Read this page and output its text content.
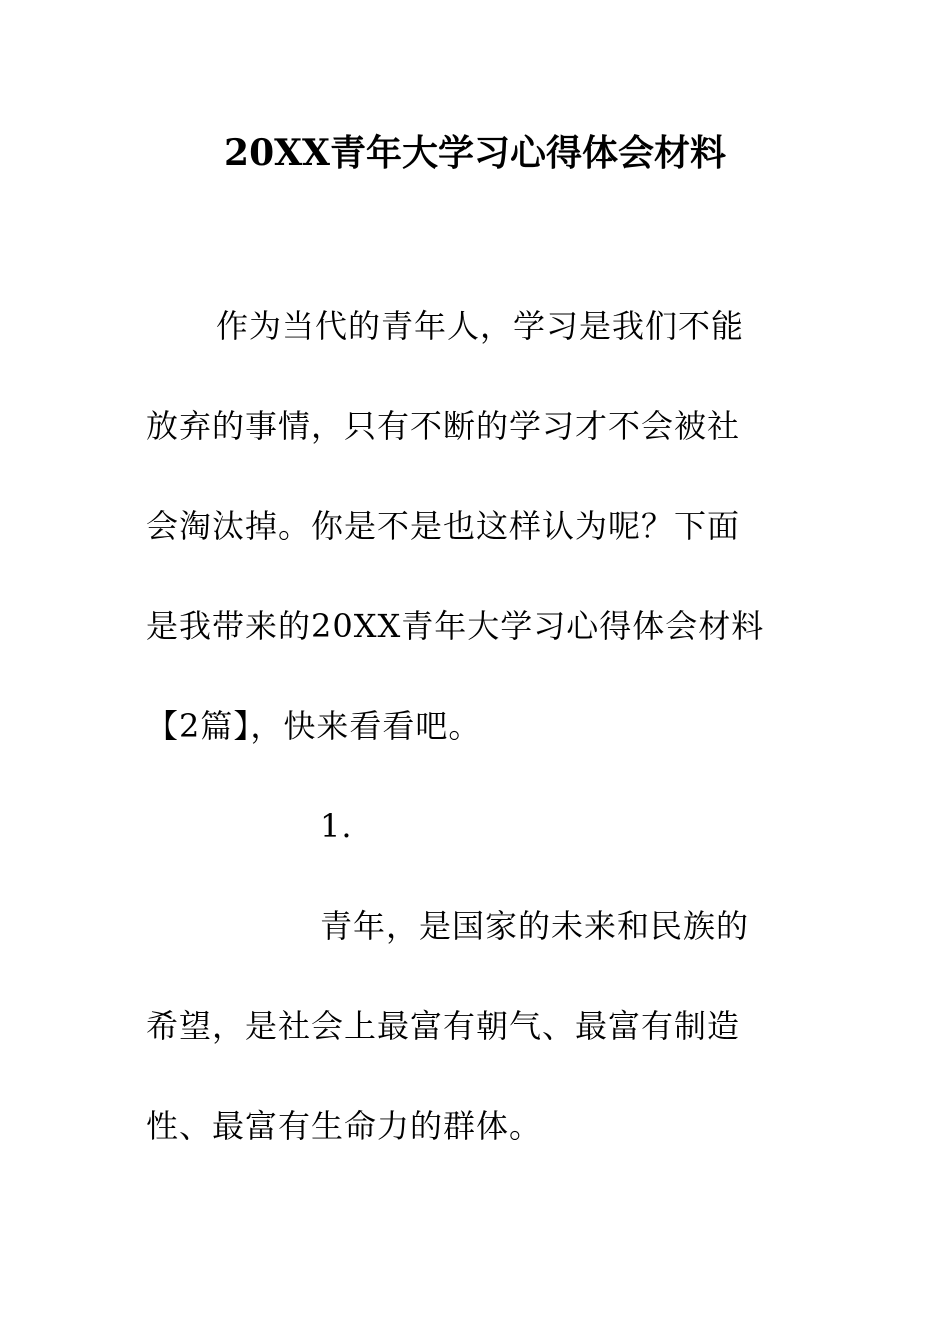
20XX青年大学习心得体会材料
作为当代的青年人，学习是我们不能
放弃的事情，只有不断的学习才不会被社
会淘汰掉。你是不是也这样认为呢？下面
是我带来的20XX青年大学习心得体会材料
【2篇】，快来看看吧。
1.
青年，是国家的未来和民族的
希望，是社会上最富有朝气、最富有制造
性、最富有生命力的群体。
